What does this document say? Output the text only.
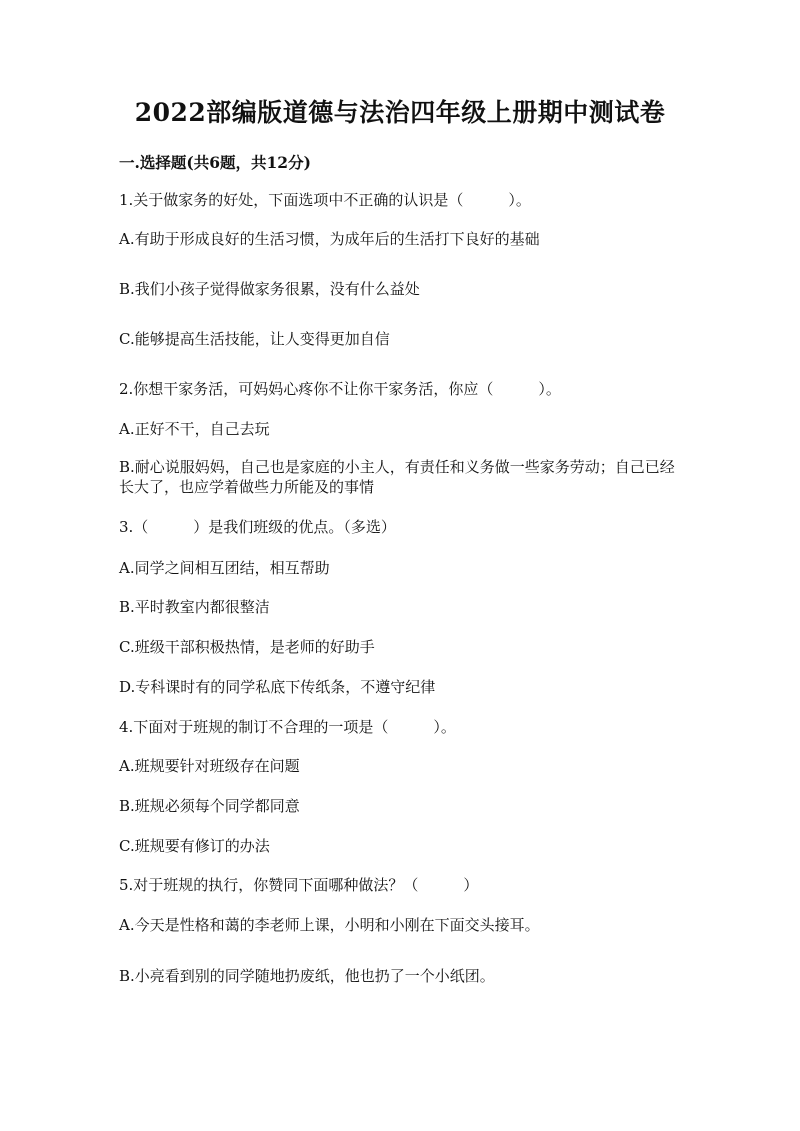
2022部编版道德与法治四年级上册期中测试卷
一.选择题(共6题，共12分)
1.关于做家务的好处，下面选项中不正确的认识是（　　　）。
A.有助于形成良好的生活习惯，为成年后的生活打下良好的基础
B.我们小孩子觉得做家务很累，没有什么益处
C.能够提高生活技能，让人变得更加自信
2.你想干家务活，可妈妈心疼你不让你干家务活，你应（　　　）。
A.正好不干，自己去玩
B.耐心说服妈妈，自己也是家庭的小主人，有责任和义务做一些家务劳动；自己已经长大了，也应学着做些力所能及的事情
3.（　　　）是我们班级的优点。（多选）
A.同学之间相互团结，相互帮助
B.平时教室内都很整洁
C.班级干部积极热情，是老师的好助手
D.专科课时有的同学私底下传纸条，不遵守纪律
4.下面对于班规的制订不合理的一项是（　　　）。
A.班规要针对班级存在问题
B.班规必须每个同学都同意
C.班规要有修订的办法
5.对于班规的执行，你赞同下面哪种做法？（　　　）
A.今天是性格和蔼的李老师上课，小明和小刚在下面交头接耳。
B.小亮看到别的同学随地扔废纸，他也扔了一个小纸团。
